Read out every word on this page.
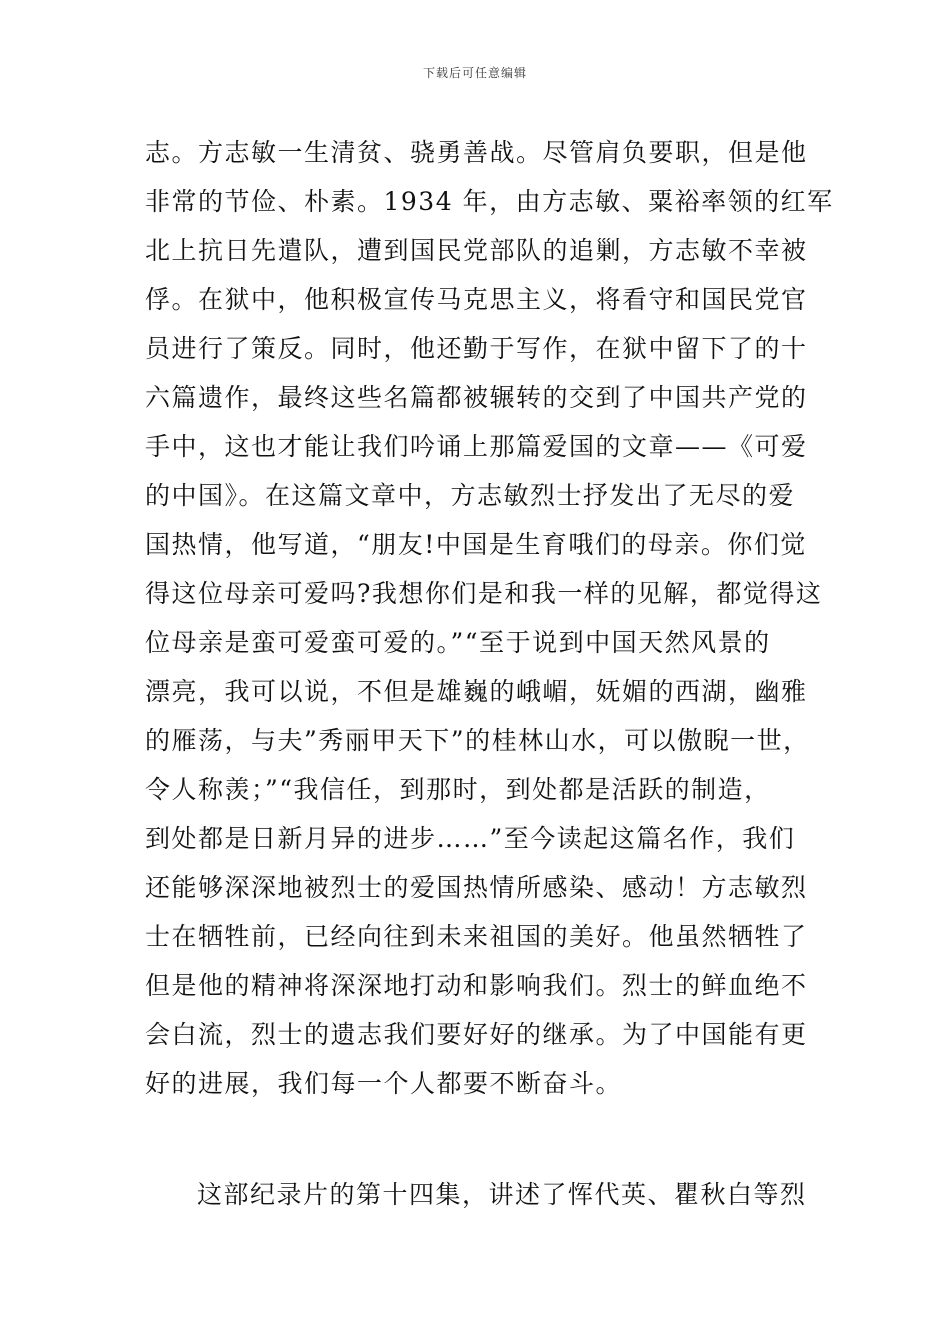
下载后可任意编辑
志。方志敏一生清贫、骁勇善战。尽管肩负要职，但是他
非常的节俭、朴素。1934 年，由方志敏、粟裕率领的红军
北上抗日先遣队，遭到国民党部队的追剿，方志敏不幸被
俘。在狱中，他积极宣传马克思主义，将看守和国民党官
员进行了策反。同时，他还勤于写作，在狱中留下了的十
六篇遗作，最终这些名篇都被辗转的交到了中国共产党的
手中，这也才能让我们吟诵上那篇爱国的文章——《可爱
的中国》。在这篇文章中，方志敏烈士抒发出了无尽的爱
国热情，他写道，“朋友!中国是生育哦们的母亲。你们觉
得这位母亲可爱吗?我想你们是和我一样的见解，都觉得这
位母亲是蛮可爱蛮可爱的。”“至于说到中国天然风景的
漂亮，我可以说，不但是雄巍的峨嵋，妩媚的西湖，幽雅
的雁荡，与夫”秀丽甲天下”的桂林山水，可以傲睨一世，
令人称羡；”“我信任，到那时，到处都是活跃的制造，
到处都是日新月异的进步……”至今读起这篇名作，我们
还能够深深地被烈士的爱国热情所感染、感动！方志敏烈
士在牺牲前，已经向往到未来祖国的美好。他虽然牺牲了
但是他的精神将深深地打动和影响我们。烈士的鲜血绝不
会白流，烈士的遗志我们要好好的继承。为了中国能有更
好的进展，我们每一个人都要不断奋斗。
这部纪录片的第十四集，讲述了恽代英、瞿秋白等烈
